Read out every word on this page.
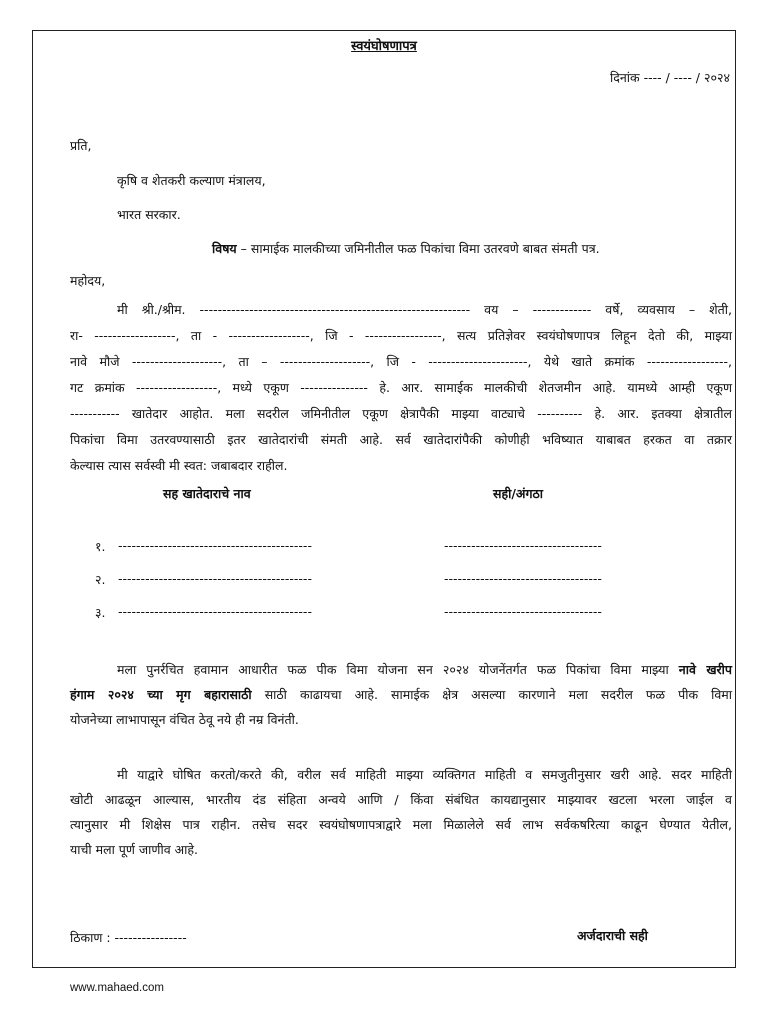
स्वयंघोषणापत्र
दिनांक ---- / ---- / २०२४
प्रति,
कृषि व शेतकरी कल्याण मंत्रालय,
भारत सरकार.
विषय – सामाईक मालकीच्या जमिनीतील फळ पिकांचा विमा उतरवणे बाबत संमती पत्र.
महोदय,
मी श्री./श्रीम. ------------------------------------------------------------ वय – ------------- वर्षे, व्यवसाय – शेती,
रा- ------------------, ता - ------------------, जि - -----------------, सत्य प्रतिज्ञेवर स्वयंघोषणापत्र लिहून देतो की, माझ्या
नावे मौजे --------------------, ता – --------------------, जि - ----------------------, येथे खाते क्रमांक ------------------,
गट क्रमांक ------------------, मध्ये एकूण --------------- हे. आर. सामाईक मालकीची शेतजमीन आहे. यामध्ये आम्ही एकूण
----------- खातेदार आहोत. मला सदरील जमिनीतील एकूण क्षेत्रापैकी माझ्या वाट्याचे ---------- हे. आर. इतक्या क्षेत्रातील
पिकांचा विमा उतरवण्यासाठी इतर खातेदारांची संमती आहे. सर्व खातेदारांपैकी कोणीही भविष्यात याबाबत हरकत वा तक्रार
केल्यास त्यास सर्वस्वी मी स्वत: जबाबदार राहील.
सह खातेदाराचे नाव	सही/अंगठा
१. -------------------------------------------	-----------------------------------
२. -------------------------------------------	-----------------------------------
३. -------------------------------------------	-----------------------------------
मला पुनर्रचित हवामान आधारीत फळ पीक विमा योजना सन २०२४ योजनेंतर्गत फळ पिकांचा विमा माझ्या नावे खरीप
हंगाम २०२४ च्या मृग बहारासाठी साठी काढायचा आहे. सामाईक क्षेत्र असल्या कारणाने मला सदरील फळ पीक विमा
योजनेच्या लाभापासून वंचित ठेवू नये ही नम्र विनंती.
मी याद्वारे घोषित करतो/करते की, वरील सर्व माहिती माझ्या व्यक्तिगत माहिती व समजुतीनुसार खरी आहे. सदर माहिती
खोटी आढळून आल्यास, भारतीय दंड संहिता अन्वये आणि / किंवा संबंधित कायद्यानुसार माझ्यावर खटला भरला जाईल व
त्यानुसार मी शिक्षेस पात्र राहीन. तसेच सदर स्वयंघोषणापत्राद्वारे मला मिळालेले सर्व लाभ सर्वकषरित्या काढून घेण्यात येतील,
याची मला पूर्ण जाणीव आहे.
ठिकाण : ----------------	अर्जदाराची सही
www.mahaed.com
